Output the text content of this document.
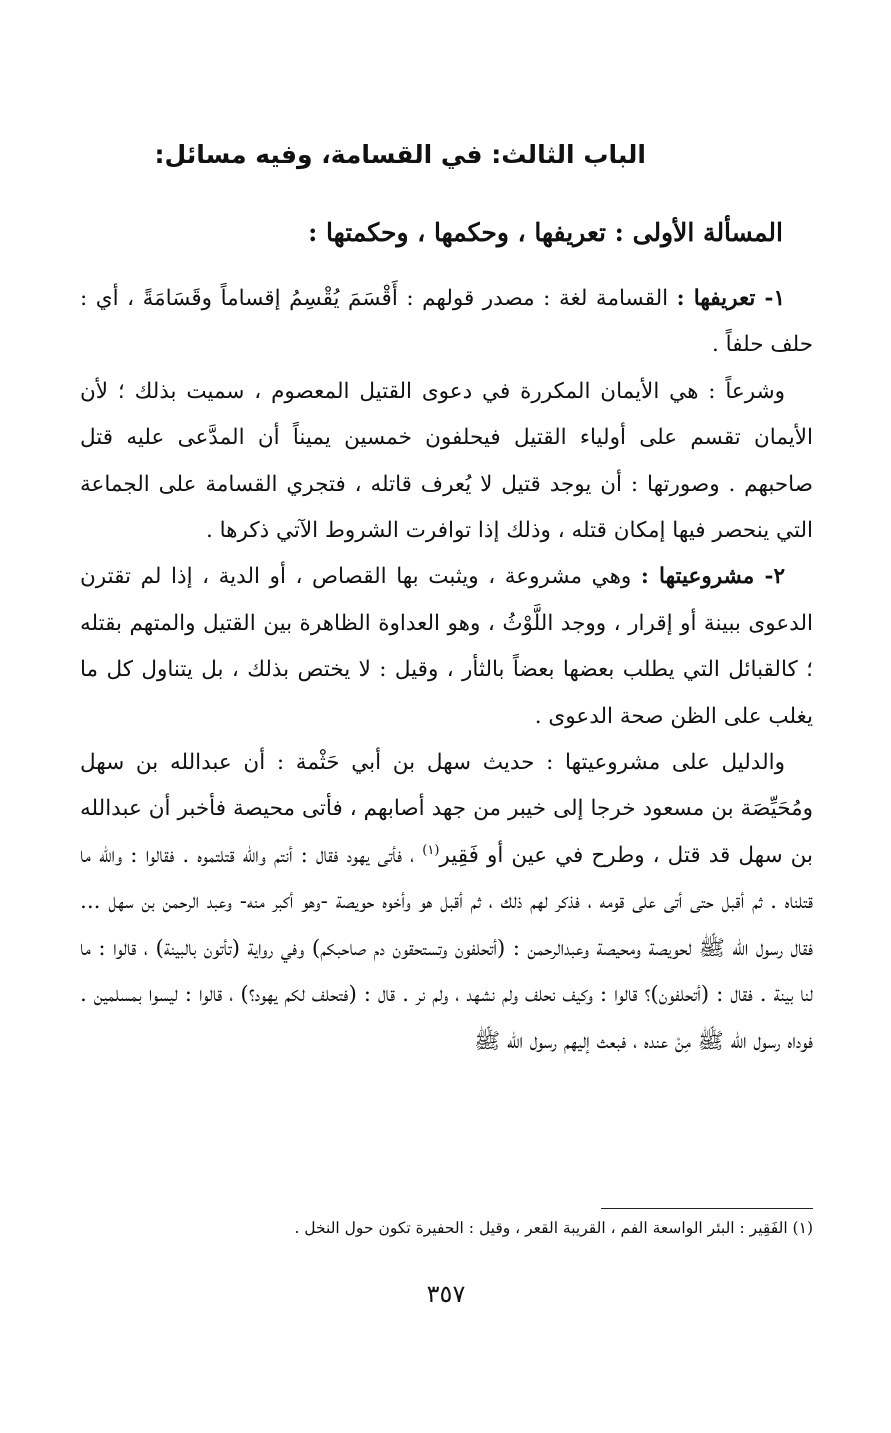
الباب الثالث: في القسامة، وفيه مسائل:
المسألة الأولى : تعريفها ، وحكمها ، وحكمتها :

١- تعريفها : القسامة لغة : مصدر قولهم : أَقْسَمَ يُقْسِمُ إقساماً وقَسَامَةً ، أي : حلف حلفاً .

وشرعاً : هي الأيمان المكررة في دعوى القتيل المعصوم ، سميت بذلك ؛ لأن الأيمان تقسم على أولياء القتيل فيحلفون خمسين يميناً أن المدَّعى عليه قتل صاحبهم . وصورتها : أن يوجد قتيل لا يُعرف قاتله ، فتجري القسامة على الجماعة التي ينحصر فيها إمكان قتله ، وذلك إذا توافرت الشروط الآتي ذكرها .

٢- مشروعيتها : وهي مشروعة ، ويثبت بها القصاص ، أو الدية ، إذا لم تقترن الدعوى ببينة أو إقرار ، ووجد اللَّوْثُ ، وهو العداوة الظاهرة بين القتيل والمتهم بقتله ؛ كالقبائل التي يطلب بعضها بعضاً بالثأر ، وقيل : لا يختص بذلك ، بل يتناول كل ما يغلب على الظن صحة الدعوى .

والدليل على مشروعيتها : حديث سهل بن أبي حَثْمة : أن عبدالله بن سهل ومُحَيِّصَة بن مسعود خرجا إلى خيبر من جهد أصابهم ، فأتى محيصة فأخبر أن عبدالله بن سهل قد قتل ، وطرح في عين أو فَقِير$^{(١)}$ ، فأتى يهود فقال : أنتم والله قتلتموه . فقالوا : والله ما قتلناه . ثم أقبل حتى أتى على قومه ، فذكر لهم ذلك ، ثم أقبل هو وأخوه حويصة -وهو أكبر منه- وعبد الرحمن بن سهل ... فقال رسول الله ﷺ لحويصة ومحيصة وعبدالرحمن : (أتحلفون وتستحقون دم صاحبكم) وفي رواية (تأتون بالبينة) ، قالوا : ما لنا بينة . فقال : (أتحلفون)؟ قالوا : وكيف نحلف ولم نشهد ، ولم نر . قال : (فتحلف لكم يهود؟) ، قالوا : ليسوا بمسلمين . فوداه رسول الله ﷺ مِنْ عنده ، فبعث إليهم رسول الله ﷺ

(١) الفَقِير : البئر الواسعة الفم ، القريبة القعر ، وقيل : الحفيرة تكون حول النخل .
٣٥٧
